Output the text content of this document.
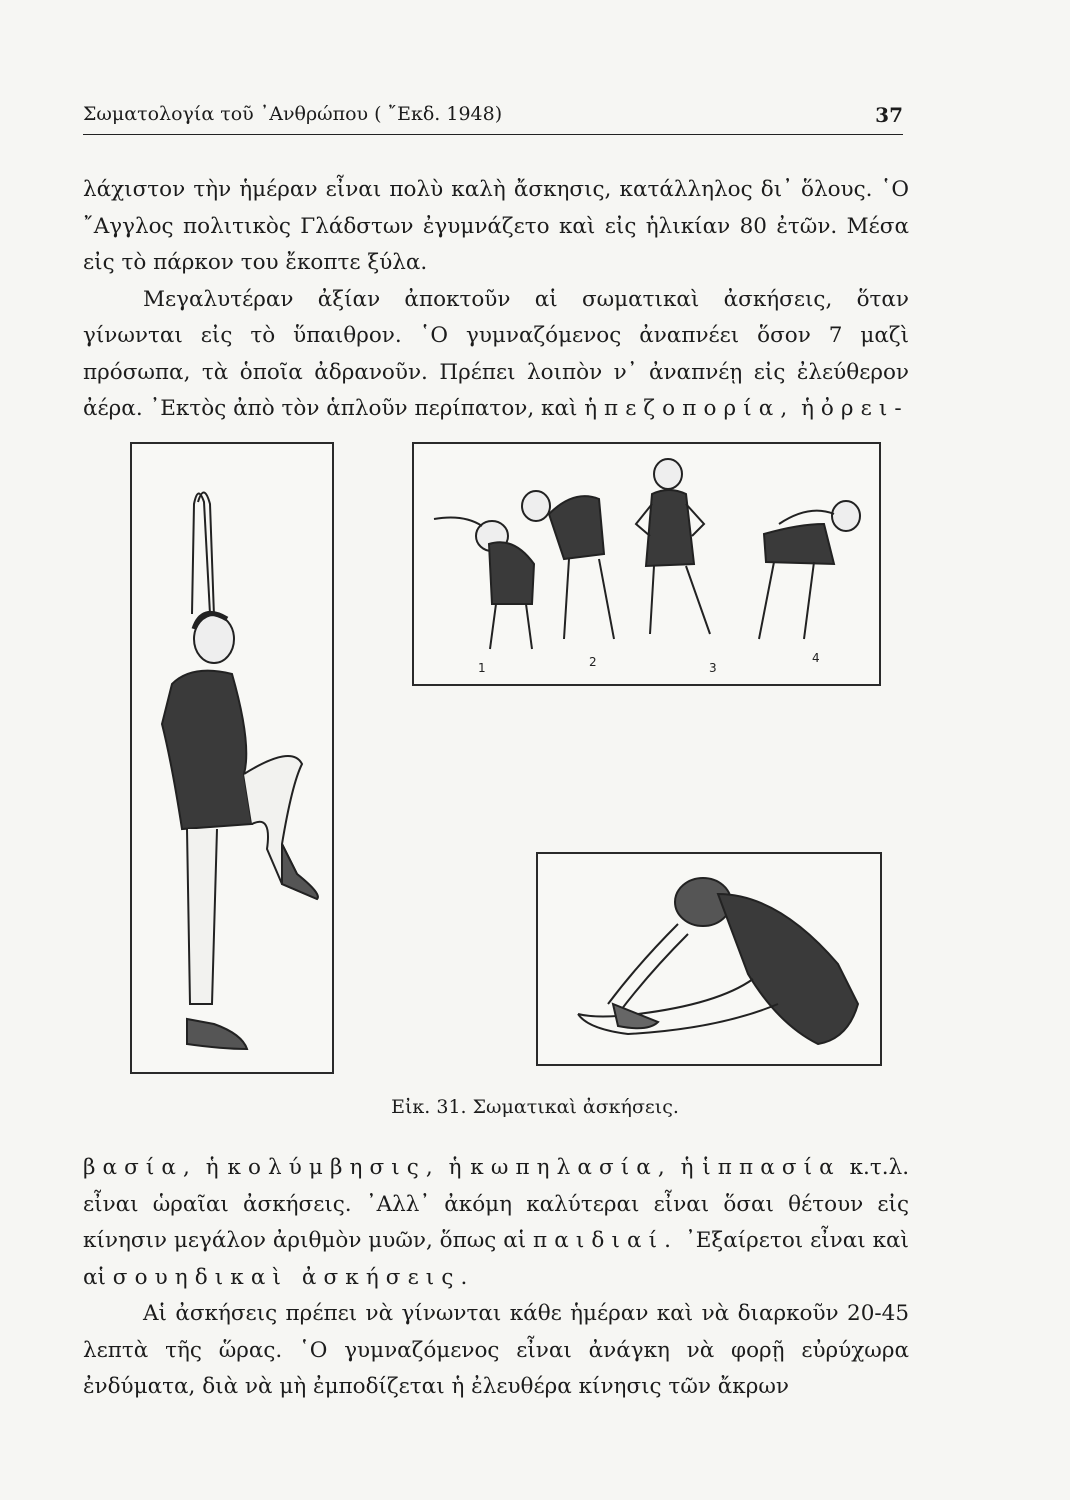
Σωματολογία τοῦ ᾿Ανθρώπου ( ῎Εκδ. 1948)	37

λάχιστον τὴν ἡμέραν εἶναι πολὺ καλὴ ἄσκησις, κατάλληλος δι᾿ ὅλους. ῾Ο ῎Αγγλος πολιτικὸς Γλάδστων ἐγυμνάζετο καὶ εἰς ἡλικίαν 80 ἐτῶν. Μέσα εἰς τὸ πάρκον του ἔκοπτε ξύλα.

Μεγαλυτέραν ἀξίαν ἀποκτοῦν αἱ σωματικαὶ ἀσκήσεις, ὅταν γίνωνται εἰς τὸ ὕπαιθρον. ῾Ο γυμναζόμενος ἀναπνέει ὅσον 7 μαζὶ πρόσωπα, τὰ ὁποῖα ἀδρανοῦν. Πρέπει λοιπὸν ν᾿ ἀναπνέῃ εἰς ἐλεύθερον ἀέρα. ᾿Εκτὸς ἀπὸ τὸν ἁπλοῦν περίπατον, καὶ ἡ πεζοπορία, ἡ ὀρει-

1	2	3
4
Εἰκ. 31. Σωματικαὶ ἀσκήσεις.

βασία, ἡ κολύμβησις, ἡ κωπηλασία, ἡ ἱππασία κ.τ.λ. εἶναι ὡραῖαι ἀσκήσεις. ᾿Αλλ᾿ ἀκόμη καλύτεραι εἶναι ὅσαι θέτουν εἰς κίνησιν μεγάλον ἀριθμὸν μυῶν, ὅπως αἱ παιδιαί. ᾿Εξαίρετοι εἶναι καὶ αἱ σουηδικαὶ ἀσκήσεις.

Αἱ ἀσκήσεις πρέπει νὰ γίνωνται κάθε ἡμέραν καὶ νὰ διαρκοῦν 20-45 λεπτὰ τῆς ὥρας. ῾Ο γυμναζόμενος εἶναι ἀνάγκη νὰ φορῇ εὐρύχωρα ἐνδύματα, διὰ νὰ μὴ ἐμποδίζεται ἡ ἐλευθέρα κίνησις τῶν ἄκρων
